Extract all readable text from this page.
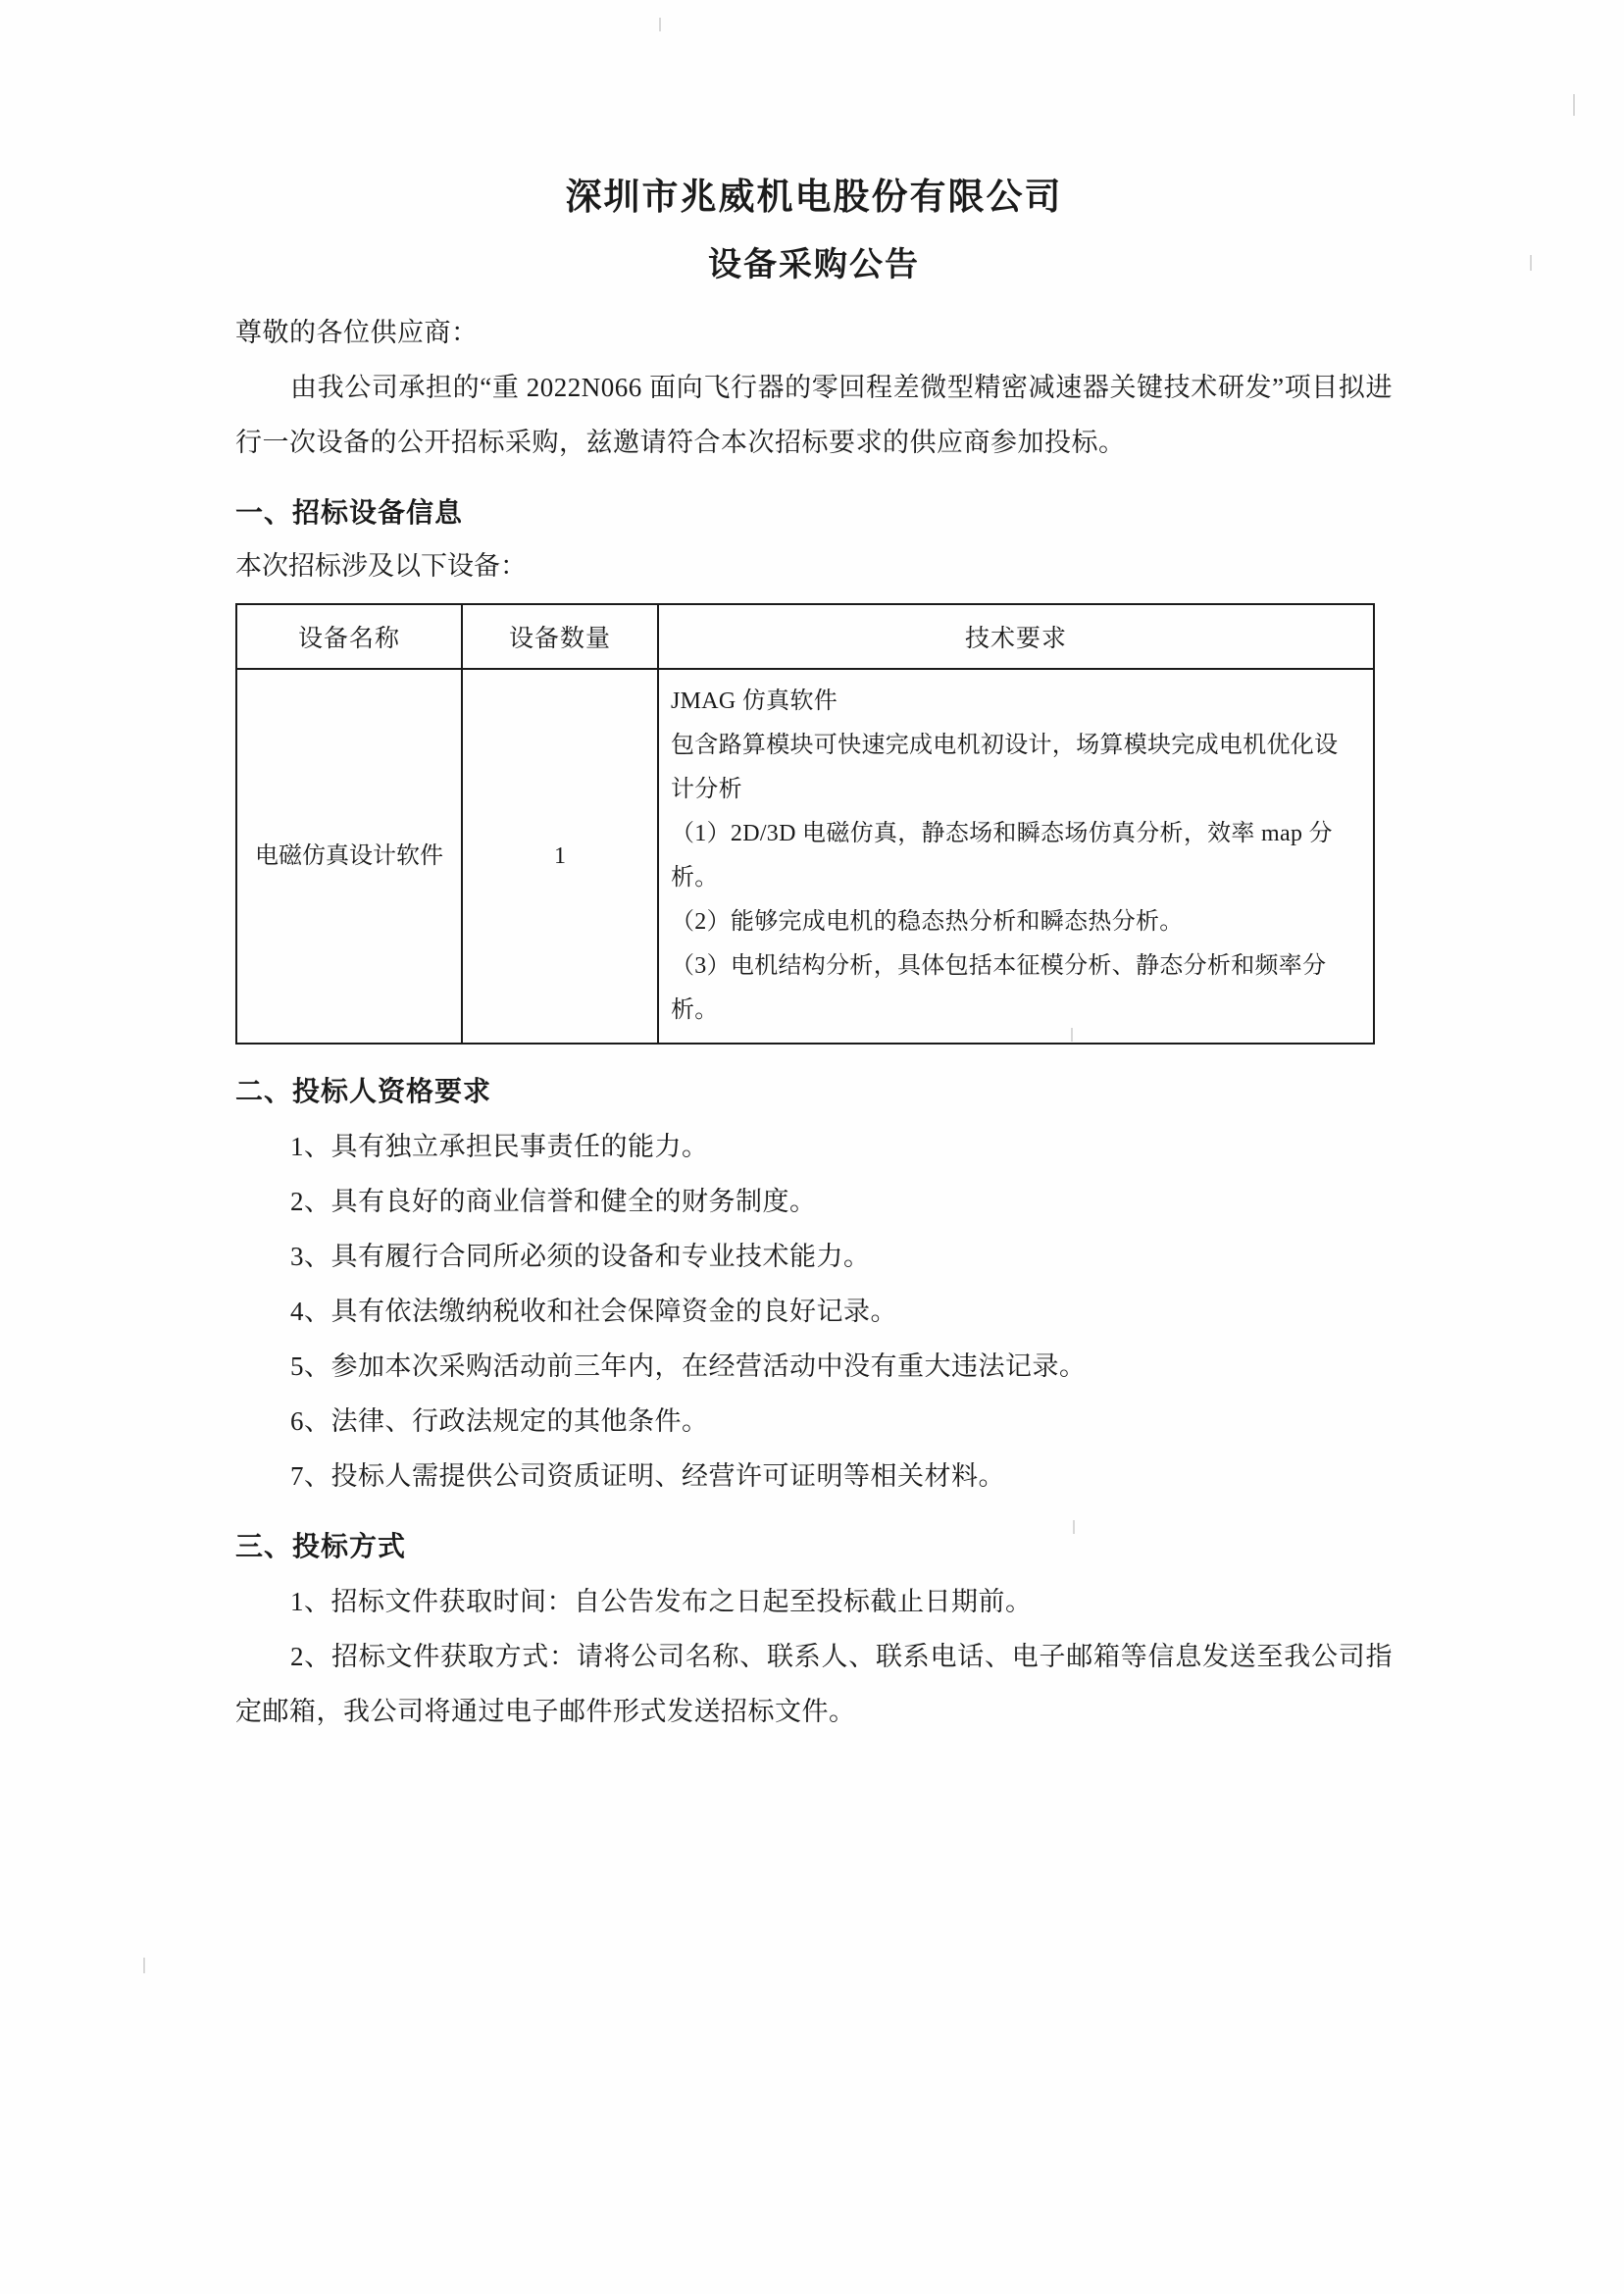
深圳市兆威机电股份有限公司
设备采购公告

尊敬的各位供应商：

由我公司承担的“重 2022N066 面向飞行器的零回程差微型精密减速器关键技术研发”项目拟进行一次设备的公开招标采购，兹邀请符合本次招标要求的供应商参加投标。

一、招标设备信息

本次招标涉及以下设备：

设备名称	设备数量	技术要求
电磁仿真设计软件	1	JMAG 仿真软件
包含路算模块可快速完成电机初设计，场算模块完成电机优化设计分析
（1）2D/3D 电磁仿真，静态场和瞬态场仿真分析，效率 map 分析。
（2）能够完成电机的稳态热分析和瞬态热分析。
（3）电机结构分析，具体包括本征模分析、静态分析和频率分析。
二、投标人资格要求

1、具有独立承担民事责任的能力。

2、具有良好的商业信誉和健全的财务制度。

3、具有履行合同所必须的设备和专业技术能力。

4、具有依法缴纳税收和社会保障资金的良好记录。

5、参加本次采购活动前三年内，在经营活动中没有重大违法记录。

6、法律、行政法规定的其他条件。

7、投标人需提供公司资质证明、经营许可证明等相关材料。

三、投标方式

1、招标文件获取时间：自公告发布之日起至投标截止日期前。

2、招标文件获取方式：请将公司名称、联系人、联系电话、电子邮箱等信息发送至我公司指定邮箱，我公司将通过电子邮件形式发送招标文件。
